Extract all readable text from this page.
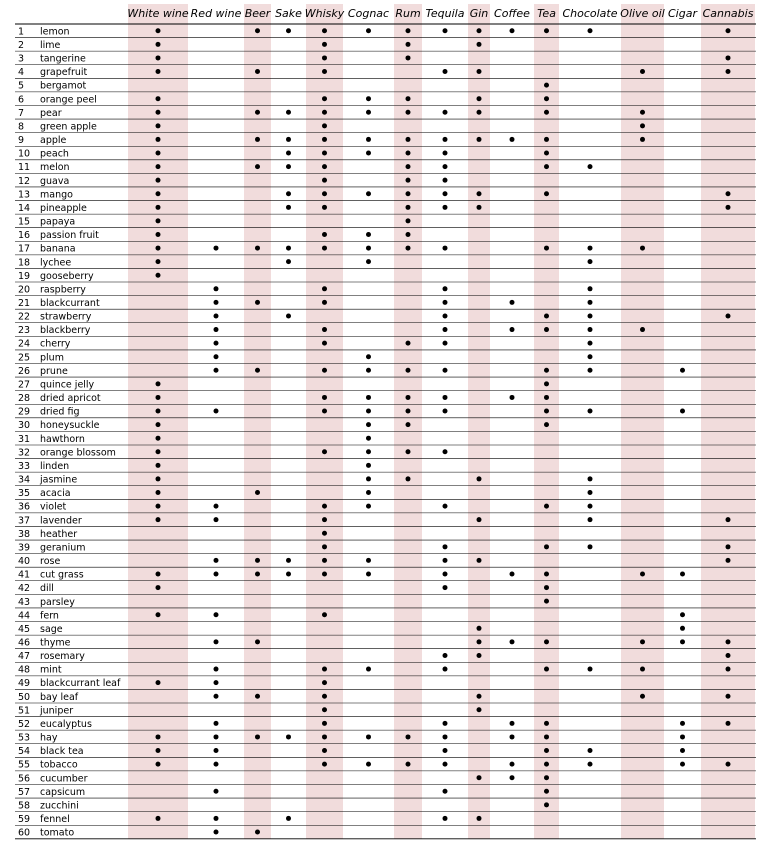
White wine Red wine Beer Sake Whisky Cognac Rum Tequila Gin Coffee Tea Chocolate Olive oil Cigar Cannabis
1 lemon
2 lime
3 tangerine
4 grapefruit
5 bergamot
6 orange peel
7 pear
8 green apple
9 apple
10 peach
11 melon
12 guava
13 mango
14 pineapple
15 papaya
16 passion fruit
17 banana
18 lychee
19 gooseberry
20 raspberry
21 blackcurrant
22 strawberry
23 blackberry
24 cherry
25 plum
26 prune
27 quince jelly
28 dried apricot
29 dried fig
30 honeysuckle
31 hawthorn
32 orange blossom
33 linden
34 jasmine
35 acacia
36 violet
37 lavender
38 heather
39 geranium
40 rose
41 cut grass
42 dill
43 parsley
44 fern
45 sage
46 thyme
47 rosemary
48 mint
49 blackcurrant leaf
50 bay leaf
51 juniper
52 eucalyptus
53 hay
54 black tea
55 tobacco
56 cucumber
57 capsicum
58 zucchini
59 fennel
60 tomato
